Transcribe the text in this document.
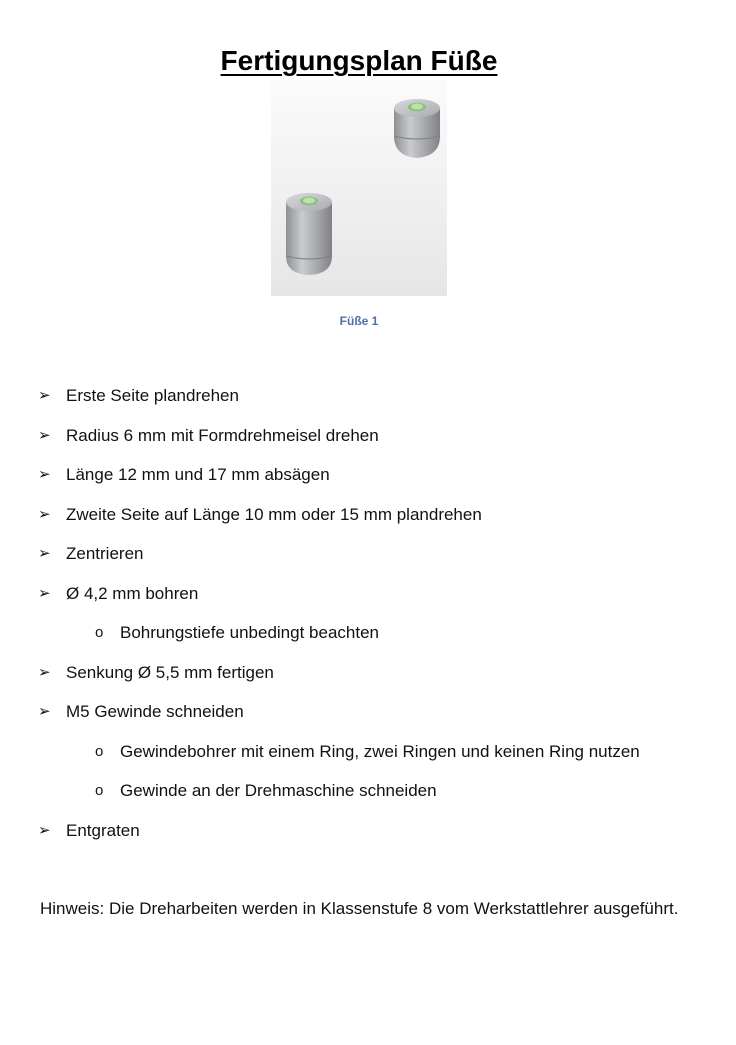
Fertigungsplan Füße
Füße 1
➢ Erste Seite plandrehen
➢ Radius 6 mm mit Formdrehmeisel drehen
➢ Länge 12 mm und 17 mm absägen
➢ Zweite Seite auf Länge 10 mm oder 15 mm plandrehen
➢ Zentrieren
➢ Ø 4,2 mm bohren
o Bohrungstiefe unbedingt beachten
➢ Senkung Ø 5,5 mm fertigen
➢ M5 Gewinde schneiden
o Gewindebohrer mit einem Ring, zwei Ringen und keinen Ring nutzen
o Gewinde an der Drehmaschine schneiden
➢ Entgraten

Hinweis: Die Dreharbeiten werden in Klassenstufe 8 vom Werkstattlehrer ausgeführt.
